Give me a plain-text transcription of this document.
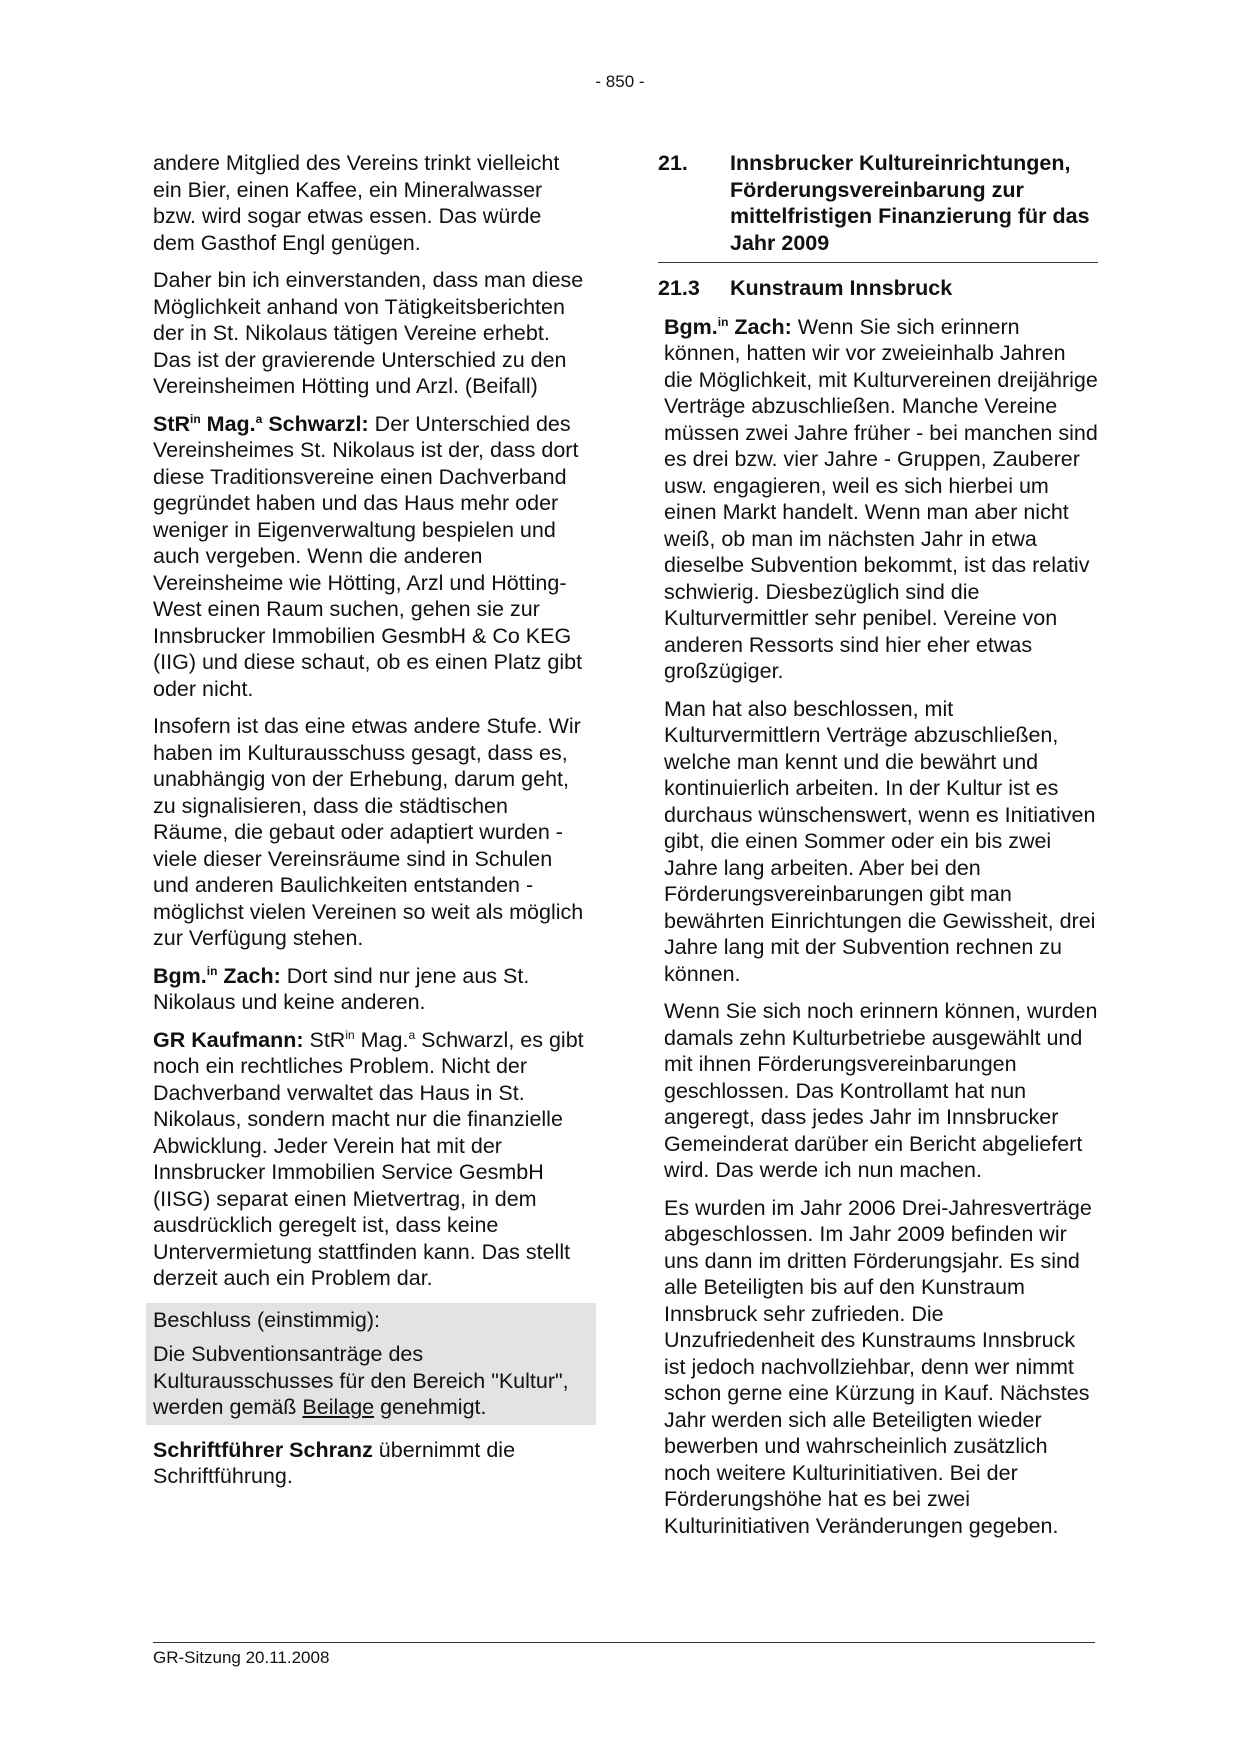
- 850 -

andere Mitglied des Vereins trinkt vielleicht ein Bier, einen Kaffee, ein Mineralwasser bzw. wird sogar etwas essen. Das würde dem Gasthof Engl genügen.

Daher bin ich einverstanden, dass man diese Möglichkeit anhand von Tätigkeitsberichten der in St. Nikolaus tätigen Vereine erhebt. Das ist der gravierende Unterschied zu den Vereinsheimen Hötting und Arzl. (Beifall)

StR$^{in}$ Mag.$^a$ Schwarzl: Der Unterschied des Vereinsheimes St. Nikolaus ist der, dass dort diese Traditionsvereine einen Dachverband gegründet haben und das Haus mehr oder weniger in Eigenverwaltung bespielen und auch vergeben. Wenn die anderen Vereinsheime wie Hötting, Arzl und Hötting-West einen Raum suchen, gehen sie zur Innsbrucker Immobilien GesmbH & Co KEG (IIG) und diese schaut, ob es einen Platz gibt oder nicht.

Insofern ist das eine etwas andere Stufe. Wir haben im Kulturausschuss gesagt, dass es, unabhängig von der Erhebung, darum geht, zu signalisieren, dass die städtischen Räume, die gebaut oder adaptiert wurden - viele dieser Vereinsräume sind in Schulen und anderen Baulichkeiten entstanden - möglichst vielen Vereinen so weit als möglich zur Verfügung stehen.

Bgm.$^{in}$ Zach: Dort sind nur jene aus St. Nikolaus und keine anderen.

GR Kaufmann: StR$^{in}$ Mag.$^a$ Schwarzl, es gibt noch ein rechtliches Problem. Nicht der Dachverband verwaltet das Haus in St. Nikolaus, sondern macht nur die finanzielle Abwicklung. Jeder Verein hat mit der Innsbrucker Immobilien Service GesmbH (IISG) separat einen Mietvertrag, in dem ausdrücklich geregelt ist, dass keine Untervermietung stattfinden kann. Das stellt derzeit auch ein Problem dar.

Beschluss (einstimmig):

Die Subventionsanträge des Kulturausschusses für den Bereich "Kultur", werden gemäß Beilage genehmigt.

Schriftführer Schranz übernimmt die Schriftführung.

21.	Innsbrucker Kultureinrichtungen, Förderungsvereinbarung zur mittelfristigen Finanzierung für das Jahr 2009
21.3	Kunstraum Innsbruck

Bgm.$^{in}$ Zach: Wenn Sie sich erinnern können, hatten wir vor zweieinhalb Jahren die Möglichkeit, mit Kulturvereinen dreijährige Verträge abzuschließen. Manche Vereine müssen zwei Jahre früher - bei manchen sind es drei bzw. vier Jahre - Gruppen, Zauberer usw. engagieren, weil es sich hierbei um einen Markt handelt. Wenn man aber nicht weiß, ob man im nächsten Jahr in etwa dieselbe Subvention bekommt, ist das relativ schwierig. Diesbezüglich sind die Kulturvermittler sehr penibel. Vereine von anderen Ressorts sind hier eher etwas großzügiger.

Man hat also beschlossen, mit Kulturvermittlern Verträge abzuschließen, welche man kennt und die bewährt und kontinuierlich arbeiten. In der Kultur ist es durchaus wünschenswert, wenn es Initiativen gibt, die einen Sommer oder ein bis zwei Jahre lang arbeiten. Aber bei den Förderungsvereinbarungen gibt man bewährten Einrichtungen die Gewissheit, drei Jahre lang mit der Subvention rechnen zu können.

Wenn Sie sich noch erinnern können, wurden damals zehn Kulturbetriebe ausgewählt und mit ihnen Förderungsvereinbarungen geschlossen. Das Kontrollamt hat nun angeregt, dass jedes Jahr im Innsbrucker Gemeinderat darüber ein Bericht abgeliefert wird. Das werde ich nun machen.

Es wurden im Jahr 2006 Drei-Jahresverträge abgeschlossen. Im Jahr 2009 befinden wir uns dann im dritten Förderungsjahr. Es sind alle Beteiligten bis auf den Kunstraum Innsbruck sehr zufrieden. Die Unzufriedenheit des Kunstraums Innsbruck ist jedoch nachvollziehbar, denn wer nimmt schon gerne eine Kürzung in Kauf. Nächstes Jahr werden sich alle Beteiligten wieder bewerben und wahrscheinlich zusätzlich noch weitere Kulturinitiativen. Bei der Förderungshöhe hat es bei zwei Kulturinitiativen Veränderungen gegeben.

GR-Sitzung 20.11.2008
